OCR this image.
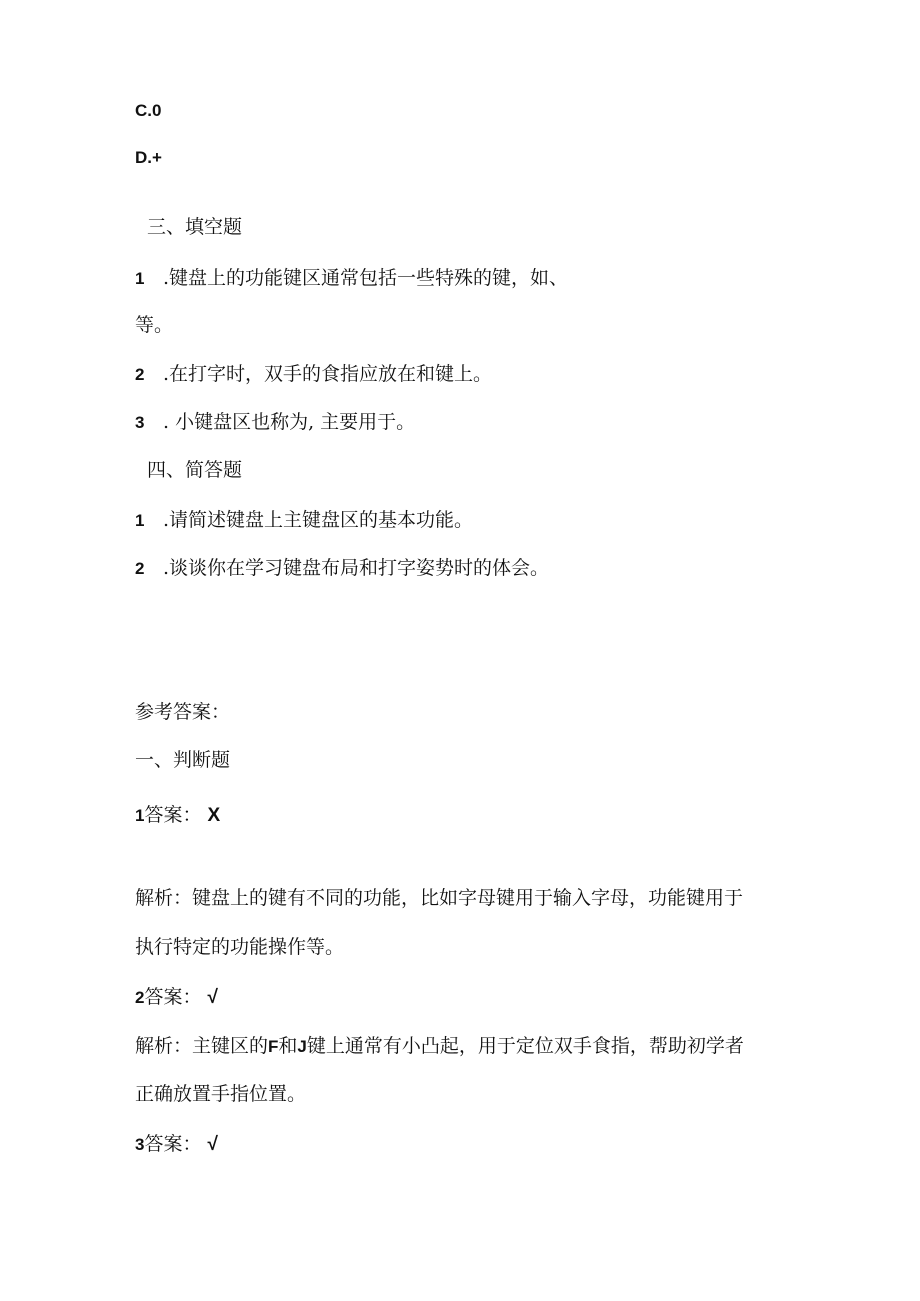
C.0
D.+
三、填空题
1 .键盘上的功能键区通常包括一些特殊的键，如、
等。
2 .在打字时，双手的食指应放在和键上。
3 . 小键盘区也称为, 主要用于。
四、简答题
1 .请简述键盘上主键盘区的基本功能。
2 .谈谈你在学习键盘布局和打字姿势时的体会。
参考答案：
一、判断题
1答案： X
解析：键盘上的键有不同的功能，比如字母键用于输入字母，功能键用于
执行特定的功能操作等。
2答案： √
解析：主键区的F和J键上通常有小凸起，用于定位双手食指，帮助初学者
正确放置手指位置。
3答案： √
